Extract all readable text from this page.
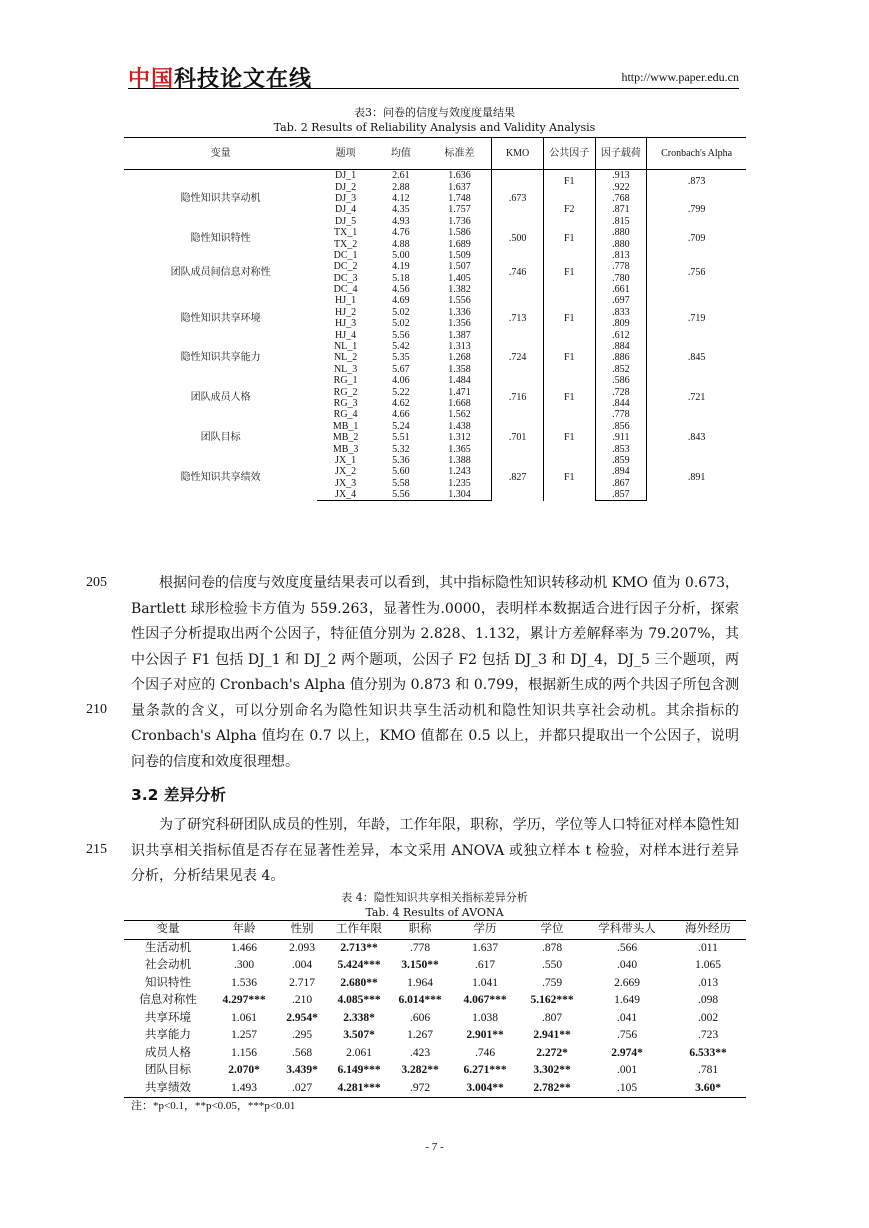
中国科技论文在线	http://www.paper.edu.cn
表3：问卷的信度与效度度量结果
Tab. 2 Results of Reliability Analysis and Validity Analysis
变量	题项	均值	标准差	KMO	公共因子	因子载荷	Cronbach's Alpha
隐性知识共享动机	DJ_1	2.61	1.636	.673	F1	.913	.873
	DJ_2	2.88	1.637			.922	
	DJ_3	4.12	1.748		F2	.768	.799
	DJ_4	4.35	1.757			.871	
	DJ_5	4.93	1.736			.815	
隐性知识特性	TX_1	4.76	1.586	.500	F1	.880	.709
	TX_2	4.88	1.689			.880	
团队成员间信息对称性	DC_1	5.00	1.509	.746	F1	.813	.756
	DC_2	4.19	1.507			.778	
	DC_3	5.18	1.405			.780	
	DC_4	4.56	1.382			.661	
隐性知识共享环境	HJ_1	4.69	1.556	.713	F1	.697	.719
	HJ_2	5.02	1.336			.833	
	HJ_3	5.02	1.356			.809	
	HJ_4	5.56	1.387			.612	
隐性知识共享能力	NL_1	5.42	1.313	.724	F1	.884	.845
	NL_2	5.35	1.268			.886	
	NL_3	5.67	1.358			.852	
团队成员人格	RG_1	4.06	1.484	.716	F1	.586	.721
	RG_2	5.22	1.471			.728	
	RG_3	4.62	1.668			.844	
	RG_4	4.66	1.562			.778	
团队目标	MB_1	5.24	1.438	.701	F1	.856	.843
	MB_2	5.51	1.312			.911	
	MB_3	5.32	1.365			.853	
隐性知识共享绩效	JX_1	5.36	1.388	.827	F1	.859	.891
	JX_2	5.60	1.243			.894	
	JX_3	5.58	1.235			.867	
	JX_4	5.56	1.304			.857	
205
210
215

根据问卷的信度与效度度量结果表可以看到，其中指标隐性知识转移动机 KMO 值为 0.673，Bartlett 球形检验卡方值为 559.263，显著性为.0000，表明样本数据适合进行因子分析，探索性因子分析提取出两个公因子，特征值分别为 2.828、1.132，累计方差解释率为 79.207%，其中公因子 F1 包括 DJ_1 和 DJ_2 两个题项，公因子 F2 包括 DJ_3 和 DJ_4，DJ_5 三个题项，两个因子对应的 Cronbach's Alpha 值分别为 0.873 和 0.799，根据新生成的两个共因子所包含测量条款的含义，可以分别命名为隐性知识共享生活动机和隐性知识共享社会动机。其余指标的 Cronbach's Alpha 值均在 0.7 以上，KMO 值都在 0.5 以上，并都只提取出一个公因子，说明问卷的信度和效度很理想。

3.2 差异分析

为了研究科研团队成员的性别，年龄，工作年限，职称，学历，学位等人口特征对样本隐性知识共享相关指标值是否存在显著性差异，本文采用 ANOVA 或独立样本 t 检验，对样本进行差异分析，分析结果见表 4。

表 4：隐性知识共享相关指标差异分析
Tab. 4 Results of AVONA
变量	年龄	性别	工作年限	职称	学历	学位	学科带头人	海外经历
生活动机	1.466	2.093	2.713**	.778	1.637	.878	.566	.011
社会动机	.300	.004	5.424***	3.150**	.617	.550	.040	1.065
知识特性	1.536	2.717	2.680**	1.964	1.041	.759	2.669	.013
信息对称性	4.297***	.210	4.085***	6.014***	4.067***	5.162***	1.649	.098
共享环境	1.061	2.954*	2.338*	.606	1.038	.807	.041	.002
共享能力	1.257	.295	3.507*	1.267	2.901**	2.941**	.756	.723
成员人格	1.156	.568	2.061	.423	.746	2.272*	2.974*	6.533**
团队目标	2.070*	3.439*	6.149***	3.282**	6.271***	3.302**	.001	.781
共享绩效	1.493	.027	4.281***	.972	3.004**	2.782**	.105	3.60*
注：*p<0.1，**p<0.05，***p<0.01
- 7 -
